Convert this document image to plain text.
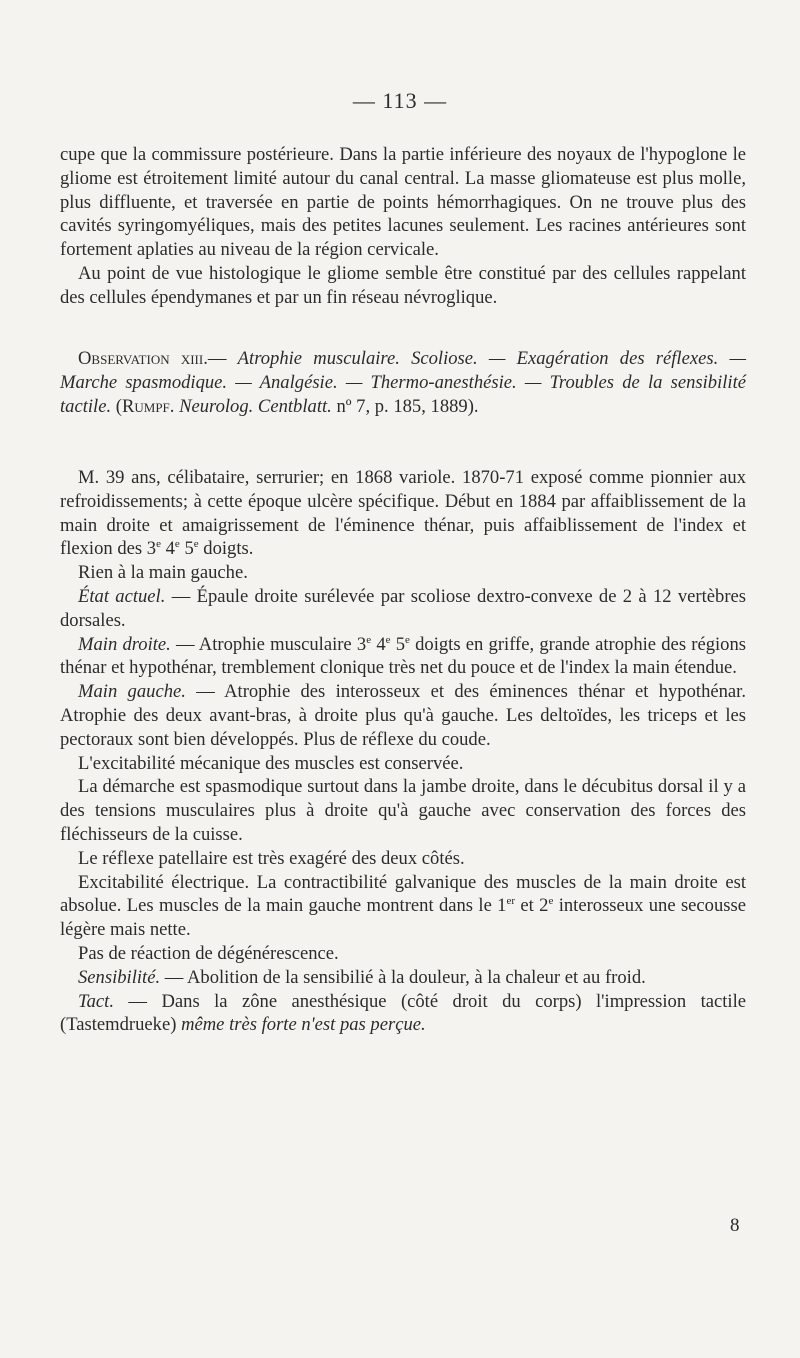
— 113 —

cupe que la commissure postérieure. Dans la partie inférieure des noyaux de l'hypoglone le gliome est étroitement limité autour du canal central. La masse gliomateuse est plus molle, plus diffluente, et traversée en partie de points hémorrhagiques. On ne trouve plus des cavités syringomyéliques, mais des petites lacunes seulement. Les racines antérieures sont fortement aplaties au niveau de la région cervicale.

Au point de vue histologique le gliome semble être constitué par des cellules rappelant des cellules épendymanes et par un fin réseau névroglique.

Observation xiii.— Atrophie musculaire. Scoliose. — Exagération des réflexes. — Marche spasmodique. — Analgésie. — Thermo-anesthésie. — Troubles de la sensibilité tactile. (Rumpf. Neurolog. Centblatt. nº 7, p. 185, 1889).

M. 39 ans, célibataire, serrurier; en 1868 variole. 1870-71 exposé comme pionnier aux refroidissements; à cette époque ulcère spécifique. Début en 1884 par affaiblissement de la main droite et amaigrissement de l'éminence thénar, puis affaiblissement de l'index et flexion des 3e 4e 5e doigts.

Rien à la main gauche.

État actuel. — Épaule droite surélevée par scoliose dextro-convexe de 2 à 12 vertèbres dorsales.

Main droite. — Atrophie musculaire 3e 4e 5e doigts en griffe, grande atrophie des régions thénar et hypothénar, tremblement clonique très net du pouce et de l'index la main étendue.

Main gauche. — Atrophie des interosseux et des éminences thénar et hypothénar. Atrophie des deux avant-bras, à droite plus qu'à gauche. Les deltoïdes, les triceps et les pectoraux sont bien développés. Plus de réflexe du coude.

L'excitabilité mécanique des muscles est conservée.

La démarche est spasmodique surtout dans la jambe droite, dans le décubitus dorsal il y a des tensions musculaires plus à droite qu'à gauche avec conservation des forces des fléchisseurs de la cuisse.

Le réflexe patellaire est très exagéré des deux côtés.

Excitabilité électrique. La contractibilité galvanique des muscles de la main droite est absolue. Les muscles de la main gauche montrent dans le 1er et 2e interosseux une secousse légère mais nette.

Pas de réaction de dégénérescence.

Sensibilité. — Abolition de la sensibilié à la douleur, à la chaleur et au froid.

Tact. — Dans la zône anesthésique (côté droit du corps) l'impression tactile (Tastemdrueke) même très forte n'est pas perçue.

8
